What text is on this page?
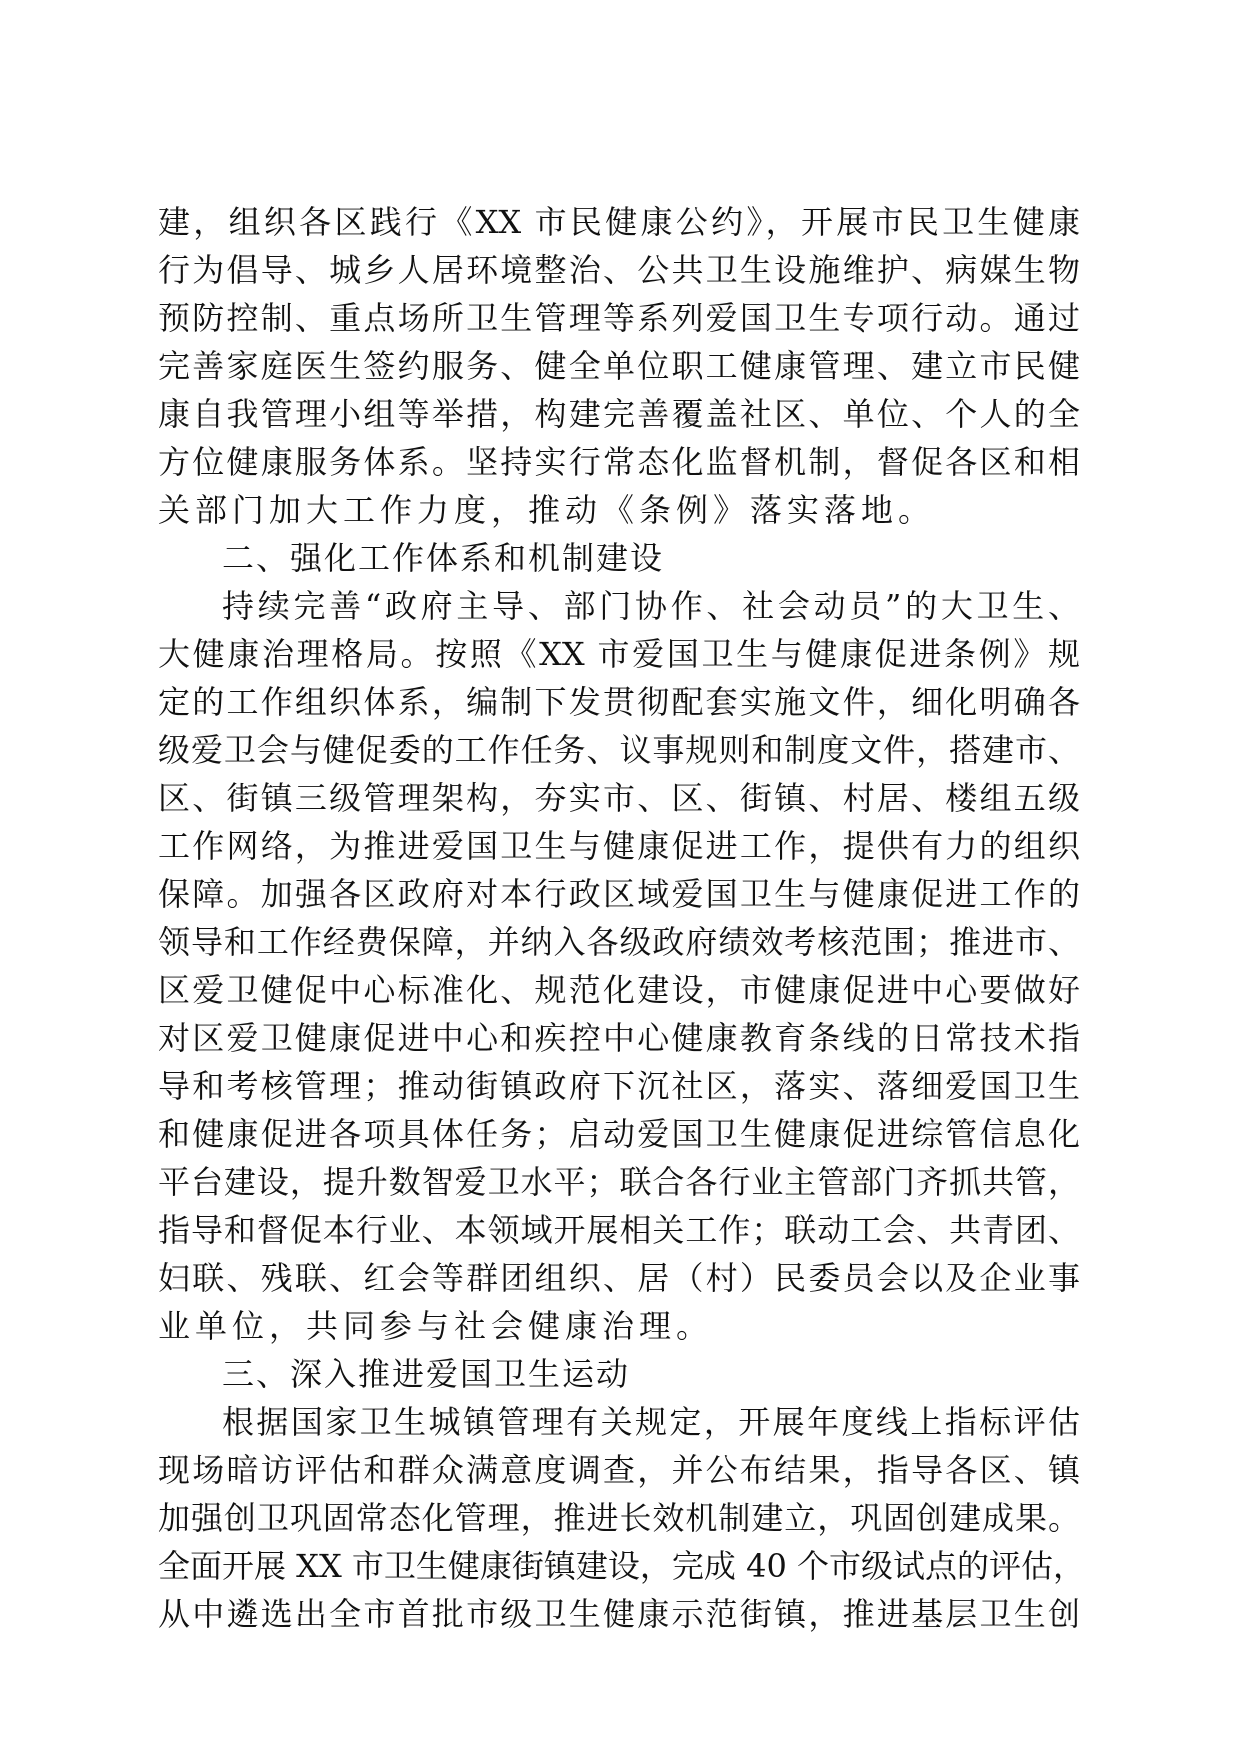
建，组织各区践行《XX 市民健康公约》，开展市民卫生健康
行为倡导、城乡人居环境整治、公共卫生设施维护、病媒生物
预防控制、重点场所卫生管理等系列爱国卫生专项行动。通过
完善家庭医生签约服务、健全单位职工健康管理、建立市民健
康自我管理小组等举措，构建完善覆盖社区、单位、个人的全
方位健康服务体系。坚持实行常态化监督机制，督促各区和相
关部门加大工作力度，推动《条例》落实落地。
二、强化工作体系和机制建设
持续完善“政府主导、部门协作、社会动员”的大卫生、
大健康治理格局。按照《XX 市爱国卫生与健康促进条例》规
定的工作组织体系，编制下发贯彻配套实施文件，细化明确各
级爱卫会与健促委的工作任务、议事规则和制度文件，搭建市、
区、街镇三级管理架构，夯实市、区、街镇、村居、楼组五级
工作网络，为推进爱国卫生与健康促进工作，提供有力的组织
保障。加强各区政府对本行政区域爱国卫生与健康促进工作的
领导和工作经费保障，并纳入各级政府绩效考核范围；推进市、
区爱卫健促中心标准化、规范化建设，市健康促进中心要做好
对区爱卫健康促进中心和疾控中心健康教育条线的日常技术指
导和考核管理；推动街镇政府下沉社区，落实、落细爱国卫生
和健康促进各项具体任务；启动爱国卫生健康促进综管信息化
平台建设，提升数智爱卫水平；联合各行业主管部门齐抓共管，
指导和督促本行业、本领域开展相关工作；联动工会、共青团、
妇联、残联、红会等群团组织、居（村）民委员会以及企业事
业单位，共同参与社会健康治理。
三、深入推进爱国卫生运动
根据国家卫生城镇管理有关规定，开展年度线上指标评估
现场暗访评估和群众满意度调查，并公布结果，指导各区、镇
加强创卫巩固常态化管理，推进长效机制建立，巩固创建成果。
全面开展 XX 市卫生健康街镇建设，完成 40 个市级试点的评估，
从中遴选出全市首批市级卫生健康示范街镇，推进基层卫生创
